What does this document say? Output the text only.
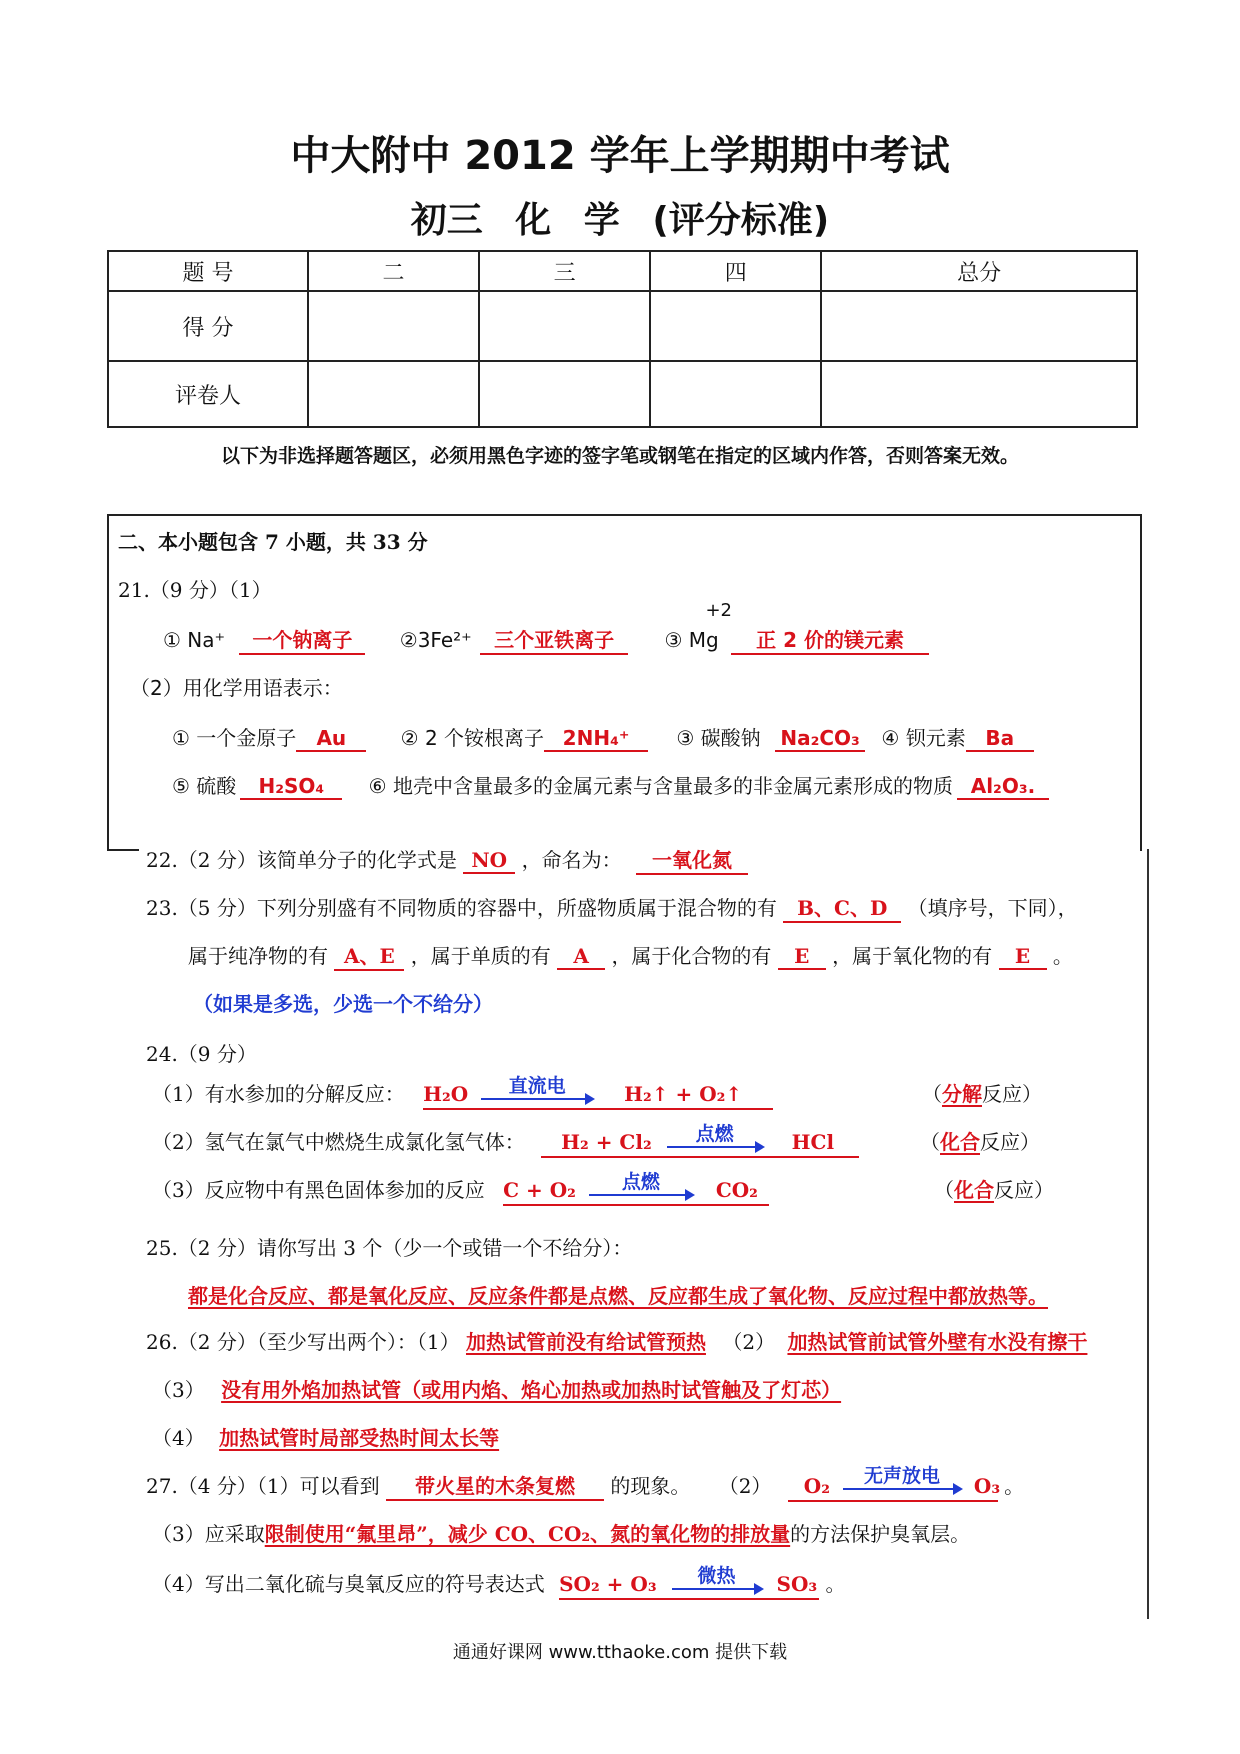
中大附中 2012 学年上学期期中考试
初三 化 学 (评分标准)
题 号	二	三	四	总分
得 分				
评卷人				
以下为非选择题答题区，必须用黑色字迹的签字笔或钢笔在指定的区域内作答，否则答案无效。
二、本小题包含 7 小题，共 33 分
21.（9 分）（1）
① Na⁺ 一个钠离子 ②3Fe²⁺ 三个亚铁离子
+2
③ Mg 正 2 价的镁元素
（2）用化学用语表示：
① 一个金原子 Au	② 2 个铵根离子 2NH₄⁺ ③ 碳酸钠 Na₂CO₃ ④ 钡元素 Ba
⑤ 硫酸 H₂SO₄ ⑥ 地壳中含量最多的金属元素与含量最多的非金属元素形成的物质 Al₂O₃.
22.（2 分）该简单分子的化学式是 NO ，命名为： 一氧化氮
23.（5 分）下列分别盛有不同物质的容器中，所盛物质属于混合物的有 B、C、D （填序号，下同），
属于纯净物的有 A、E ，属于单质的有 A ，属于化合物的有 E ，属于氧化物的有 E 。
（如果是多选，少选一个不给分）
24.（9 分）
（1）有水参加的分解反应： H₂O	直流电	H₂↑ + O₂↑	（分解反应）
（2）氢气在氯气中燃烧生成氯化氢气体： H₂ + Cl₂	点燃	HCl	（化合反应）
（3）反应物中有黑色固体参加的反应 C + O₂	点燃	CO₂	（化合反应）
25.（2 分）请你写出 3 个（少一个或错一个不给分）：
都是化合反应、都是氧化反应、反应条件都是点燃、反应都生成了氧化物、反应过程中都放热等。
26.（2 分）（至少写出两个）：（1） 加热试管前没有给试管预热 （2） 加热试管前试管外壁有水没有擦干
（3） 没有用外焰加热试管（或用内焰、焰心加热或加热时试管触及了灯芯）
（4） 加热试管时局部受热时间太长等
27.（4 分）（1）可以看到 带火星的木条复燃 的现象。 （2） O₂	无声放电	O₃ 。
（3）应采取限制使用“氟里昂”，减少 CO、CO₂、氮的氧化物的排放量的方法保护臭氧层。
（4）写出二氧化硫与臭氧反应的符号表达式 SO₂ + O₃	微热	SO₃ 。
通通好课网 www.tthaoke.com 提供下载
